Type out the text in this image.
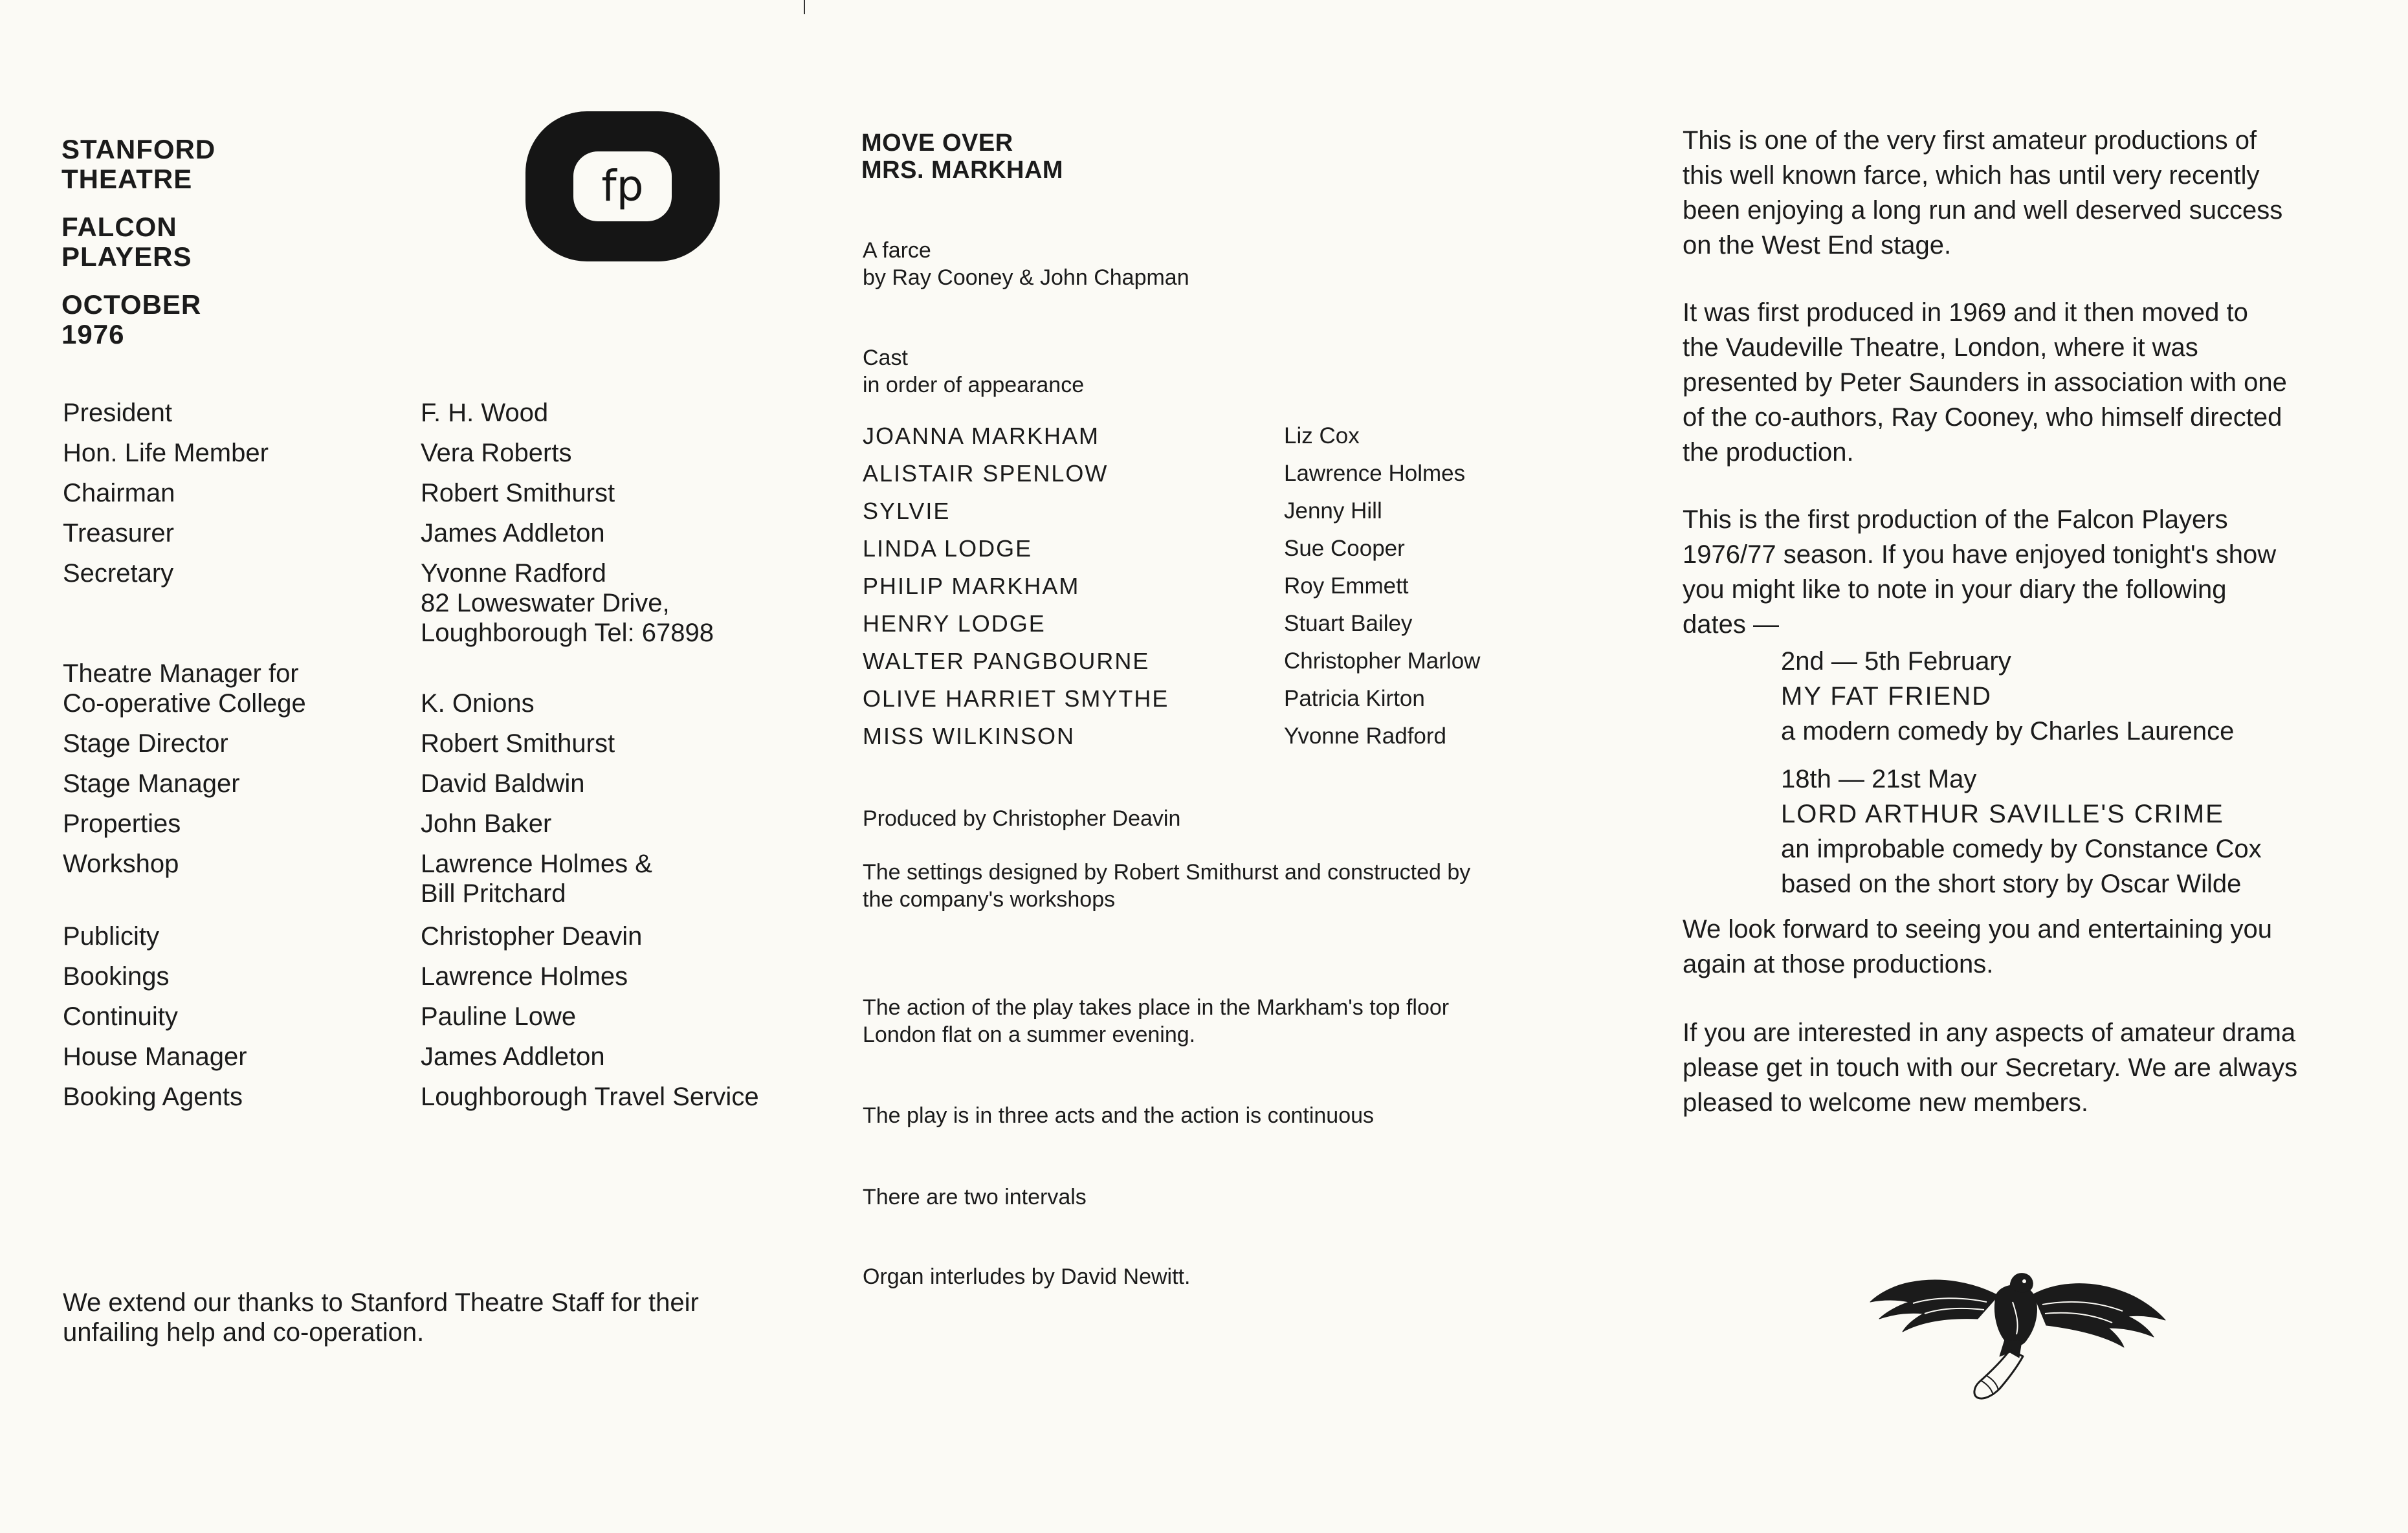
STANFORD
THEATRE

FALCON
PLAYERS

OCTOBER
1976

fp
President	F. H. Wood
Hon. Life Member	Vera Roberts
Chairman	Robert Smithurst
Treasurer	James Addleton
Secretary	Yvonne Radford
82 Loweswater Drive,
Loughborough Tel: 67898
Theatre Manager for
Co-operative College	K. Onions
Stage Director	Robert Smithurst
Stage Manager	David Baldwin
Properties	John Baker
Workshop	Lawrence Holmes &
Bill Pritchard
Publicity	Christopher Deavin
Bookings	Lawrence Holmes
Continuity	Pauline Lowe
House Manager	James Addleton
Booking Agents	Loughborough Travel Service
We extend our thanks to Stanford Theatre Staff for their
unfailing help and co-operation.
MOVE OVER
MRS. MARKHAM
A farce
by Ray Cooney & John Chapman
Cast
in order of appearance
JOANNA MARKHAM	Liz Cox
ALISTAIR SPENLOW	Lawrence Holmes
SYLVIE	Jenny Hill
LINDA LODGE	Sue Cooper
PHILIP MARKHAM	Roy Emmett
HENRY LODGE	Stuart Bailey
WALTER PANGBOURNE	Christopher Marlow
OLIVE HARRIET SMYTHE	Patricia Kirton
MISS WILKINSON	Yvonne Radford
Produced by Christopher Deavin
The settings designed by Robert Smithurst and constructed by
the company's workshops
The action of the play takes place in the Markham's top floor
London flat on a summer evening.
The play is in three acts and the action is continuous
There are two intervals
Organ interludes by David Newitt.
This is one of the very first amateur productions of
this well known farce, which has until very recently
been enjoying a long run and well deserved success
on the West End stage.
It was first produced in 1969 and it then moved to
the Vaudeville Theatre, London, where it was
presented by Peter Saunders in association with one
of the co-authors, Ray Cooney, who himself directed
the production.
This is the first production of the Falcon Players
1976/77 season. If you have enjoyed tonight's show
you might like to note in your diary the following
dates —
2nd — 5th February
MY FAT FRIEND
a modern comedy by Charles Laurence
18th — 21st May
LORD ARTHUR SAVILLE'S CRIME
an improbable comedy by Constance Cox
based on the short story by Oscar Wilde
We look forward to seeing you and entertaining you
again at those productions.
If you are interested in any aspects of amateur drama
please get in touch with our Secretary. We are always
pleased to welcome new members.
